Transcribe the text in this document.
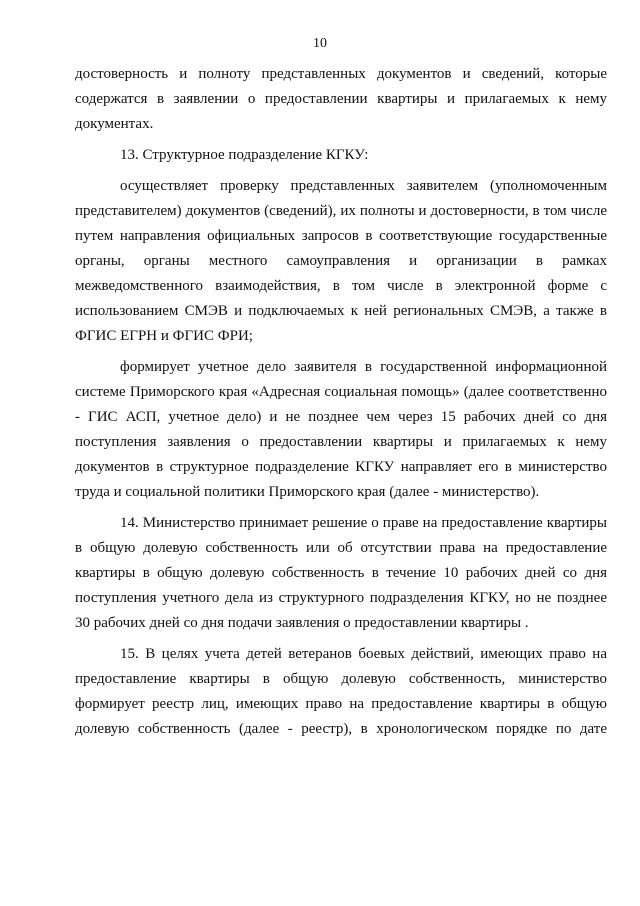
10

достоверность и полноту представленных документов и сведений, которые содержатся в заявлении о предоставлении квартиры и прилагаемых к нему документах.

13. Структурное подразделение КГКУ:

осуществляет проверку представленных заявителем (уполномоченным представителем) документов (сведений), их полноты и достоверности, в том числе путем направления официальных запросов в соответствующие государственные органы, органы местного самоуправления и организации в рамках межведомственного взаимодействия, в том числе в электронной форме с использованием СМЭВ и подключаемых к ней региональных СМЭВ, а также в ФГИС ЕГРН и ФГИС ФРИ;

формирует учетное дело заявителя в государственной информационной системе Приморского края «Адресная социальная помощь» (далее соответственно - ГИС АСП, учетное дело) и не позднее чем через 15 рабочих дней со дня поступления заявления о предоставлении квартиры и прилагаемых к нему документов в структурное подразделение КГКУ направляет его в министерство труда и социальной политики Приморского края (далее - министерство).

14. Министерство принимает решение о праве на предоставление квартиры в общую долевую собственность или об отсутствии права на предоставление квартиры в общую долевую собственность в течение 10 рабочих дней со дня поступления учетного дела из структурного подразделения КГКУ, но не позднее 30 рабочих дней со дня подачи заявления о предоставлении квартиры .

15. В целях учета детей ветеранов боевых действий, имеющих право на предоставление квартиры в общую долевую собственность, министерство формирует реестр лиц, имеющих право на предоставление квартиры в общую долевую собственность (далее - реестр), в хронологическом порядке по дате
